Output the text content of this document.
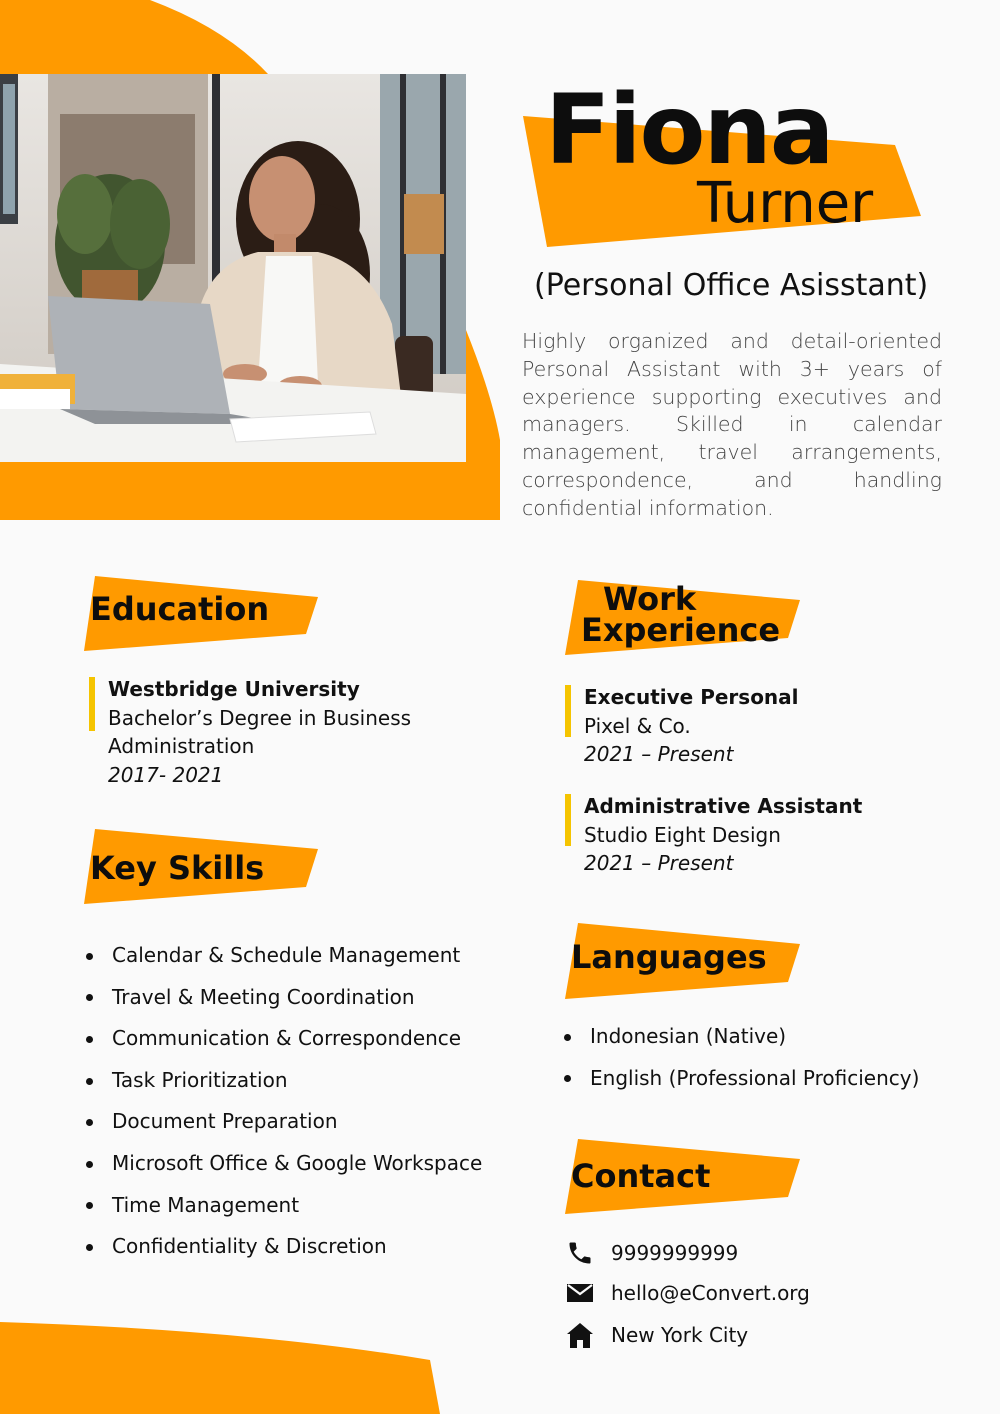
Fiona
Turner
(Personal Office Asisstant)
Highly organized and detail-oriented Personal Assistant with 3+ years of experience supporting executives and managers. Skilled in calendar management, travel arrangements, correspondence, and handling confidential information.
Education
Westbridge University
Bachelor’s Degree in Business
Administration
2017- 2021
Key Skills
Calendar & Schedule Management
Travel & Meeting Coordination
Communication & Correspondence
Task Prioritization
Document Preparation
Microsoft Office & Google Workspace
Time Management
Confidentiality & Discretion
Work
Experience
Executive Personal
Pixel & Co.
2021 – Present
Administrative Assistant
Studio Eight Design
2021 – Present
Languages
Indonesian (Native)
English (Professional Proficiency)
Contact
9999999999
hello@eConvert.org
New York City
